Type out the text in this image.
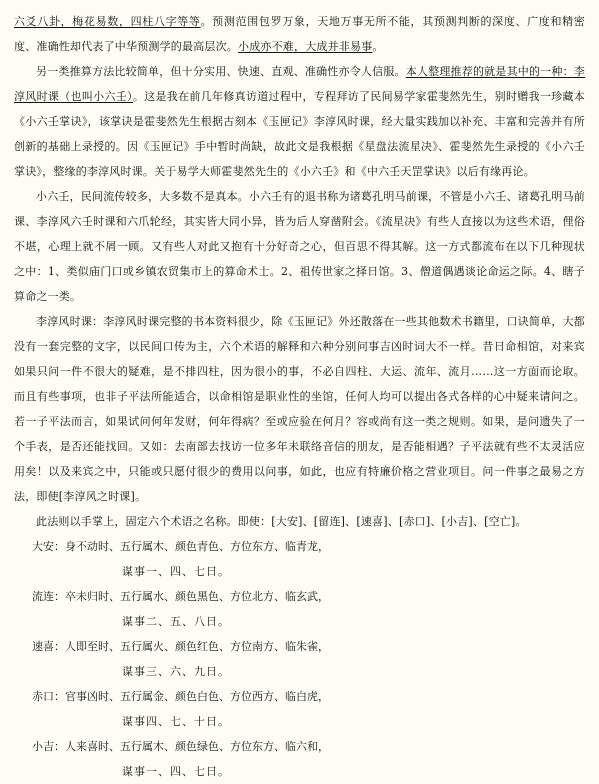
六爻八卦，梅花易数，四柱八字等等。预测范围包罗万象，天地万事无所不能，其预测判断的深度、广度和精密度、准确性却代表了中华预测学的最高层次。小成亦不难，大成并非易事。

另一类推算方法比较简单，但十分实用、快速、直观、准确性亦令人信服。本人整理推荐的就是其中的一种：李淳风时课（也叫小六壬）。这是我在前几年修真访道过程中，专程拜访了民间易学家霍斐然先生，别时赠我一珍藏本《小六壬掌诀》，该掌诀是霍斐然先生根据古刻本《玉匣记》李淳风时课，经大量实践加以补充、丰富和完善并有所创新的基础上录授的。因《玉匣记》手中暂时尚缺，故此文是我根据《星盘法流星决》、霍斐然先生录授的《小六壬掌诀》，整缘的李淳风时课。关于易学大师霍斐然先生的《小六壬》和《中六壬天罡掌诀》以后有缘再论。

小六壬，民间流传较多，大多数不是真本。小六壬有的退书称为诸葛孔明马前课，不管是小六壬、诸葛孔明马前课、李淳风六壬时课和六爪轮经，其实皆大同小异，皆为后人穿凿附会。《流星决》有些人直接以为这些术语，俚俗不堪，心理上就不屑一顾。又有些人对此又抱有十分好奇之心，但百思不得其解。这一方式都流布在以下几种现状之中：1、类似庙门口或乡镇农贸集市上的算命术士。2、祖传世家之择日馆。3、僧道偶遇谈论命运之际。4、瞎子算命之一类。

李淳风时课：李淳风时课完整的书本资料很少，除《玉匣记》外还散落在一些其他数术书籍里，口诀简单，大都没有一套完整的文字，以民间口传为主，六个术语的解释和六种分别问事吉凶时词大不一样。昔日命相馆，对来宾如果只问一件不很大的疑难，是不排四柱，因为很小的事，不必自四柱、大运、流年、流月……这一方面而论取。而且有些事项，也非子平法所能适合，以命相馆是职业性的坐馆，任何人均可以提出各式各样的心中疑来请问之。若一子平法而言，如果试问何年发财，何年得病？至或应验在何月？容或尚有这一类之规则。如果，是问遗失了一个手表，是否还能找回。又如：去南部去找访一位多年未联络音信的朋友，是否能相遇？子平法就有些不太灵活应用矣！以及来宾之中，只能或只愿付很少的费用以问事，如此，也应有特廉价格之营业项目。问一件事之最易之方法，即使[李淳风之时课]。

此法则以手掌上，固定六个术语之名称。即使：[大安]、[留连]、[速喜]、[赤口]、[小吉]、[空亡]。

大安： 身不动时、五行属木、颜色青色、方位东方、临青龙，
谋事一、四、七日。
流连： 卒未归时、五行属水、颜色黑色、方位北方、临玄武，
谋事二、五、八日。
速喜： 人即至时、五行属火、颜色红色、方位南方、临朱雀，
谋事三、六、九日。
赤口： 官事凶时、五行属金、颜色白色、方位西方、临白虎，
谋事四、七、十日。
小吉： 人来喜时、五行属木、颜色绿色、方位东方、临六和，
谋事一、四、七日。
